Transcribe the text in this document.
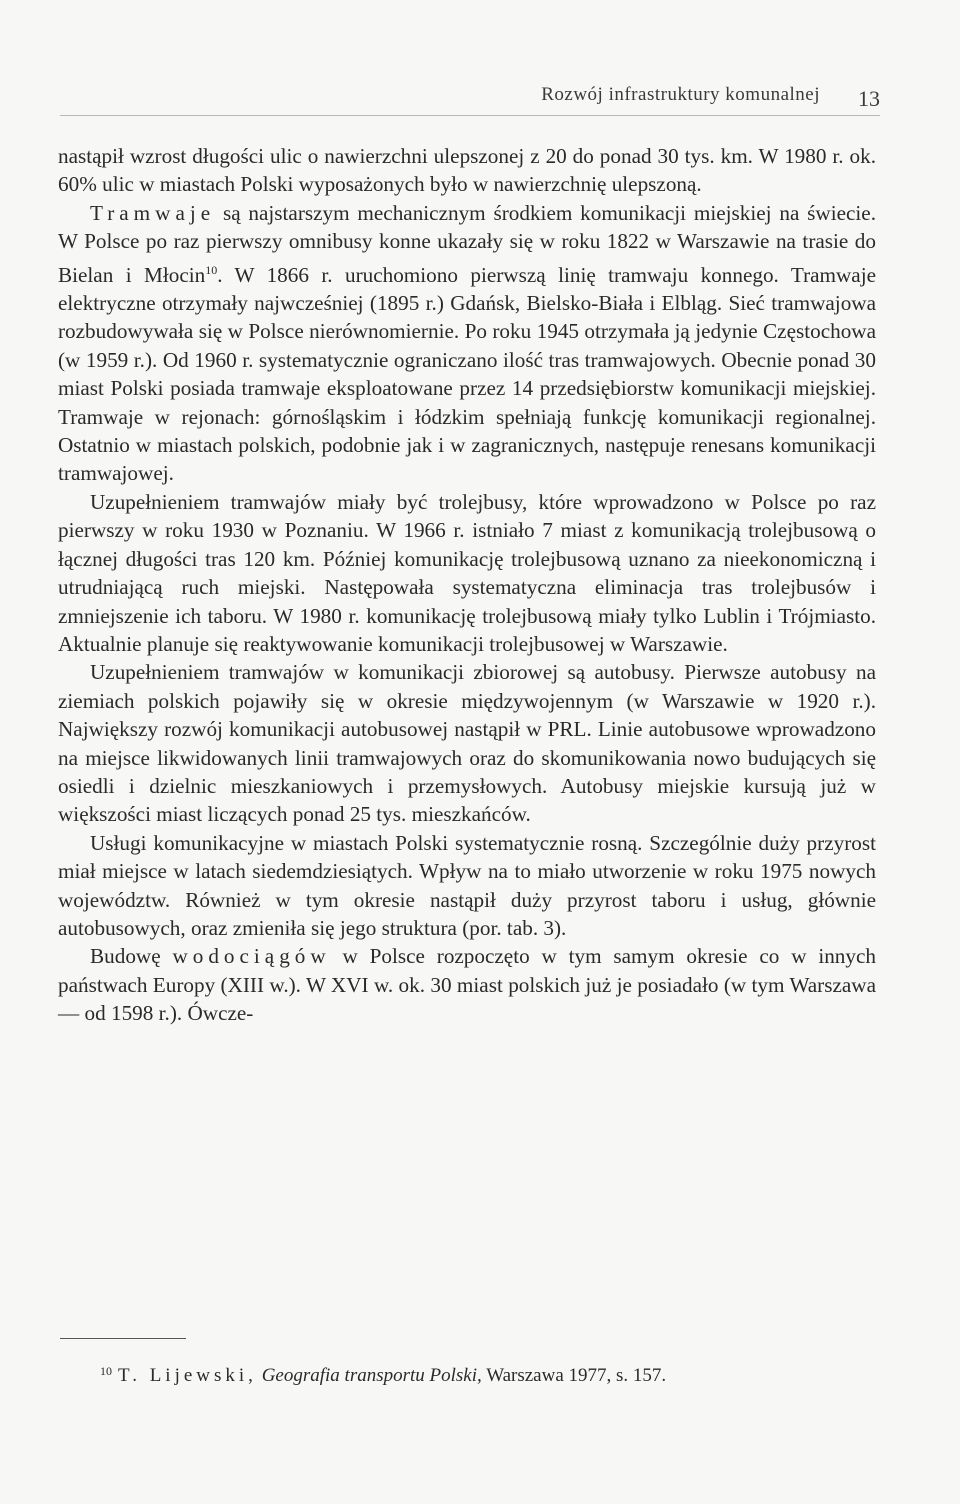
Rozwój infrastruktury komunalnej 13

nastąpił wzrost długości ulic o nawierzchni ulepszonej z 20 do ponad 30 tys. km. W 1980 r. ok. 60% ulic w miastach Polski wyposażonych było w nawierzchnię ulepszoną.

Tramwaje są najstarszym mechanicznym środkiem komunikacji miejskiej na świecie. W Polsce po raz pierwszy omnibusy konne ukazały się w roku 1822 w Warszawie na trasie do Bielan i Młocin$^{10}$. W 1866 r. uruchomiono pierwszą linię tramwaju konnego. Tramwaje elektryczne otrzymały najwcześniej (1895 r.) Gdańsk, Bielsko-Biała i Elbląg. Sieć tramwajowa rozbudowywała się w Polsce nierównomiernie. Po roku 1945 otrzymała ją jedynie Częstochowa (w 1959 r.). Od 1960 r. systematycznie ograniczano ilość tras tramwajowych. Obecnie ponad 30 miast Polski posiada tramwaje eksploatowane przez 14 przedsiębiorstw komunikacji miejskiej. Tramwaje w rejonach: górnośląskim i łódzkim spełniają funkcję komunikacji regionalnej. Ostatnio w miastach polskich, podobnie jak i w zagranicznych, następuje renesans komunikacji tramwajowej.

Uzupełnieniem tramwajów miały być trolejbusy, które wprowadzono w Polsce po raz pierwszy w roku 1930 w Poznaniu. W 1966 r. istniało 7 miast z komunikacją trolejbusową o łącznej długości tras 120 km. Później komunikację trolejbusową uznano za nieekonomiczną i utrudniającą ruch miejski. Następowała systematyczna eliminacja tras trolejbusów i zmniejszenie ich taboru. W 1980 r. komunikację trolejbusową miały tylko Lublin i Trójmiasto. Aktualnie planuje się reaktywowanie komunikacji trolejbusowej w Warszawie.

Uzupełnieniem tramwajów w komunikacji zbiorowej są autobusy. Pierwsze autobusy na ziemiach polskich pojawiły się w okresie międzywojennym (w Warszawie w 1920 r.). Największy rozwój komunikacji autobusowej nastąpił w PRL. Linie autobusowe wprowadzono na miejsce likwidowanych linii tramwajowych oraz do skomunikowania nowo budujących się osiedli i dzielnic mieszkaniowych i przemysłowych. Autobusy miejskie kursują już w większości miast liczących ponad 25 tys. mieszkańców.

Usługi komunikacyjne w miastach Polski systematycznie rosną. Szczególnie duży przyrost miał miejsce w latach siedemdziesiątych. Wpływ na to miało utworzenie w roku 1975 nowych województw. Również w tym okresie nastąpił duży przyrost taboru i usług, głównie autobusowych, oraz zmieniła się jego struktura (por. tab. 3).

Budowę wodociągów w Polsce rozpoczęto w tym samym okresie co w innych państwach Europy (XIII w.). W XVI w. ok. 30 miast polskich już je posiadało (w tym Warszawa — od 1598 r.). Ówcze-

$^{10}$ T. Lijewski, Geografia transportu Polski, Warszawa 1977, s. 157.
